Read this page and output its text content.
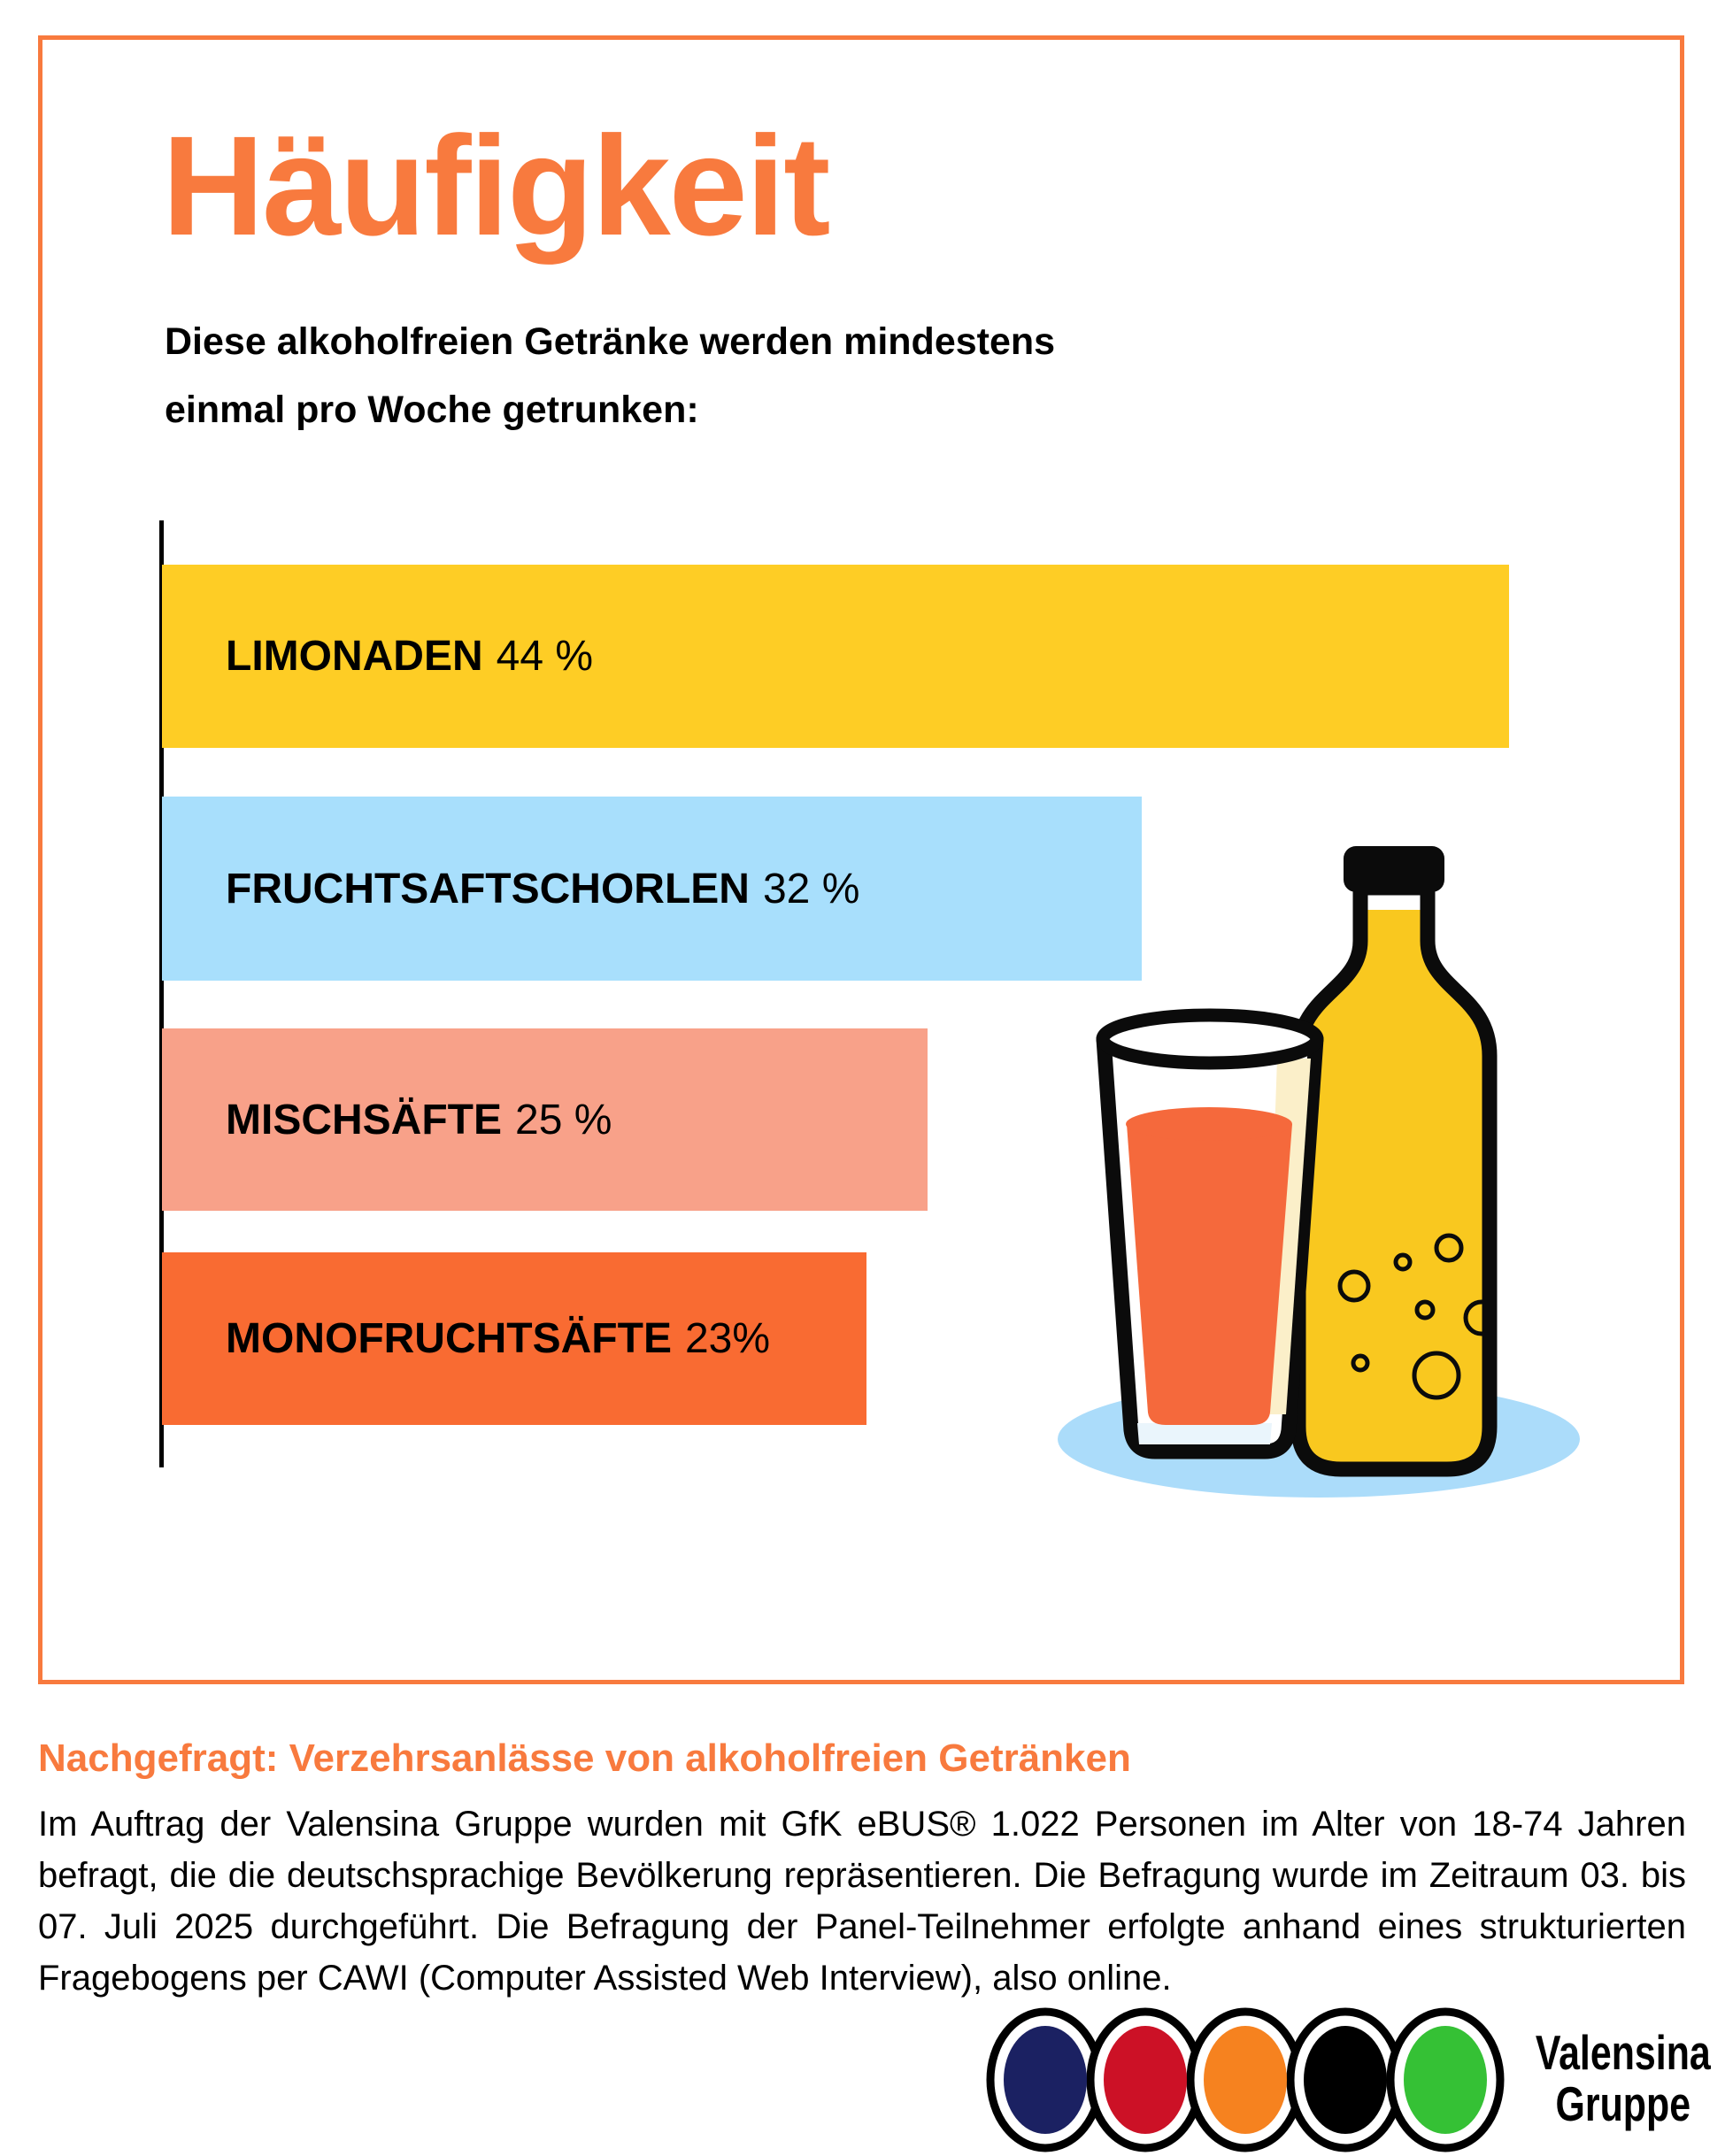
Häufigkeit

Diese alkoholfreien Getränke werden mindestens
einmal pro Woche getrunken:

LIMONADEN 44 %
FRUCHTSAFTSCHORLEN 32 %
MISCHSÄFTE 25 %
MONOFRUCHTSÄFTE 23%
Nachgefragt: Verzehrsanlässe von alkoholfreien Getränken

Im Auftrag der Valensina Gruppe wurden mit GfK eBUS® 1.022 Personen im Alter von 18-74 Jahren befragt, die die deutschsprachige Bevölkerung repräsentieren. Die Befragung wurde im Zeitraum 03. bis 07. Juli 2025 durchgeführt. Die Befragung der Panel-Teilnehmer erfolgte anhand eines strukturierten Fragebogens per CAWI (Computer Assisted Web Interview), also online.

Valensina
Gruppe
